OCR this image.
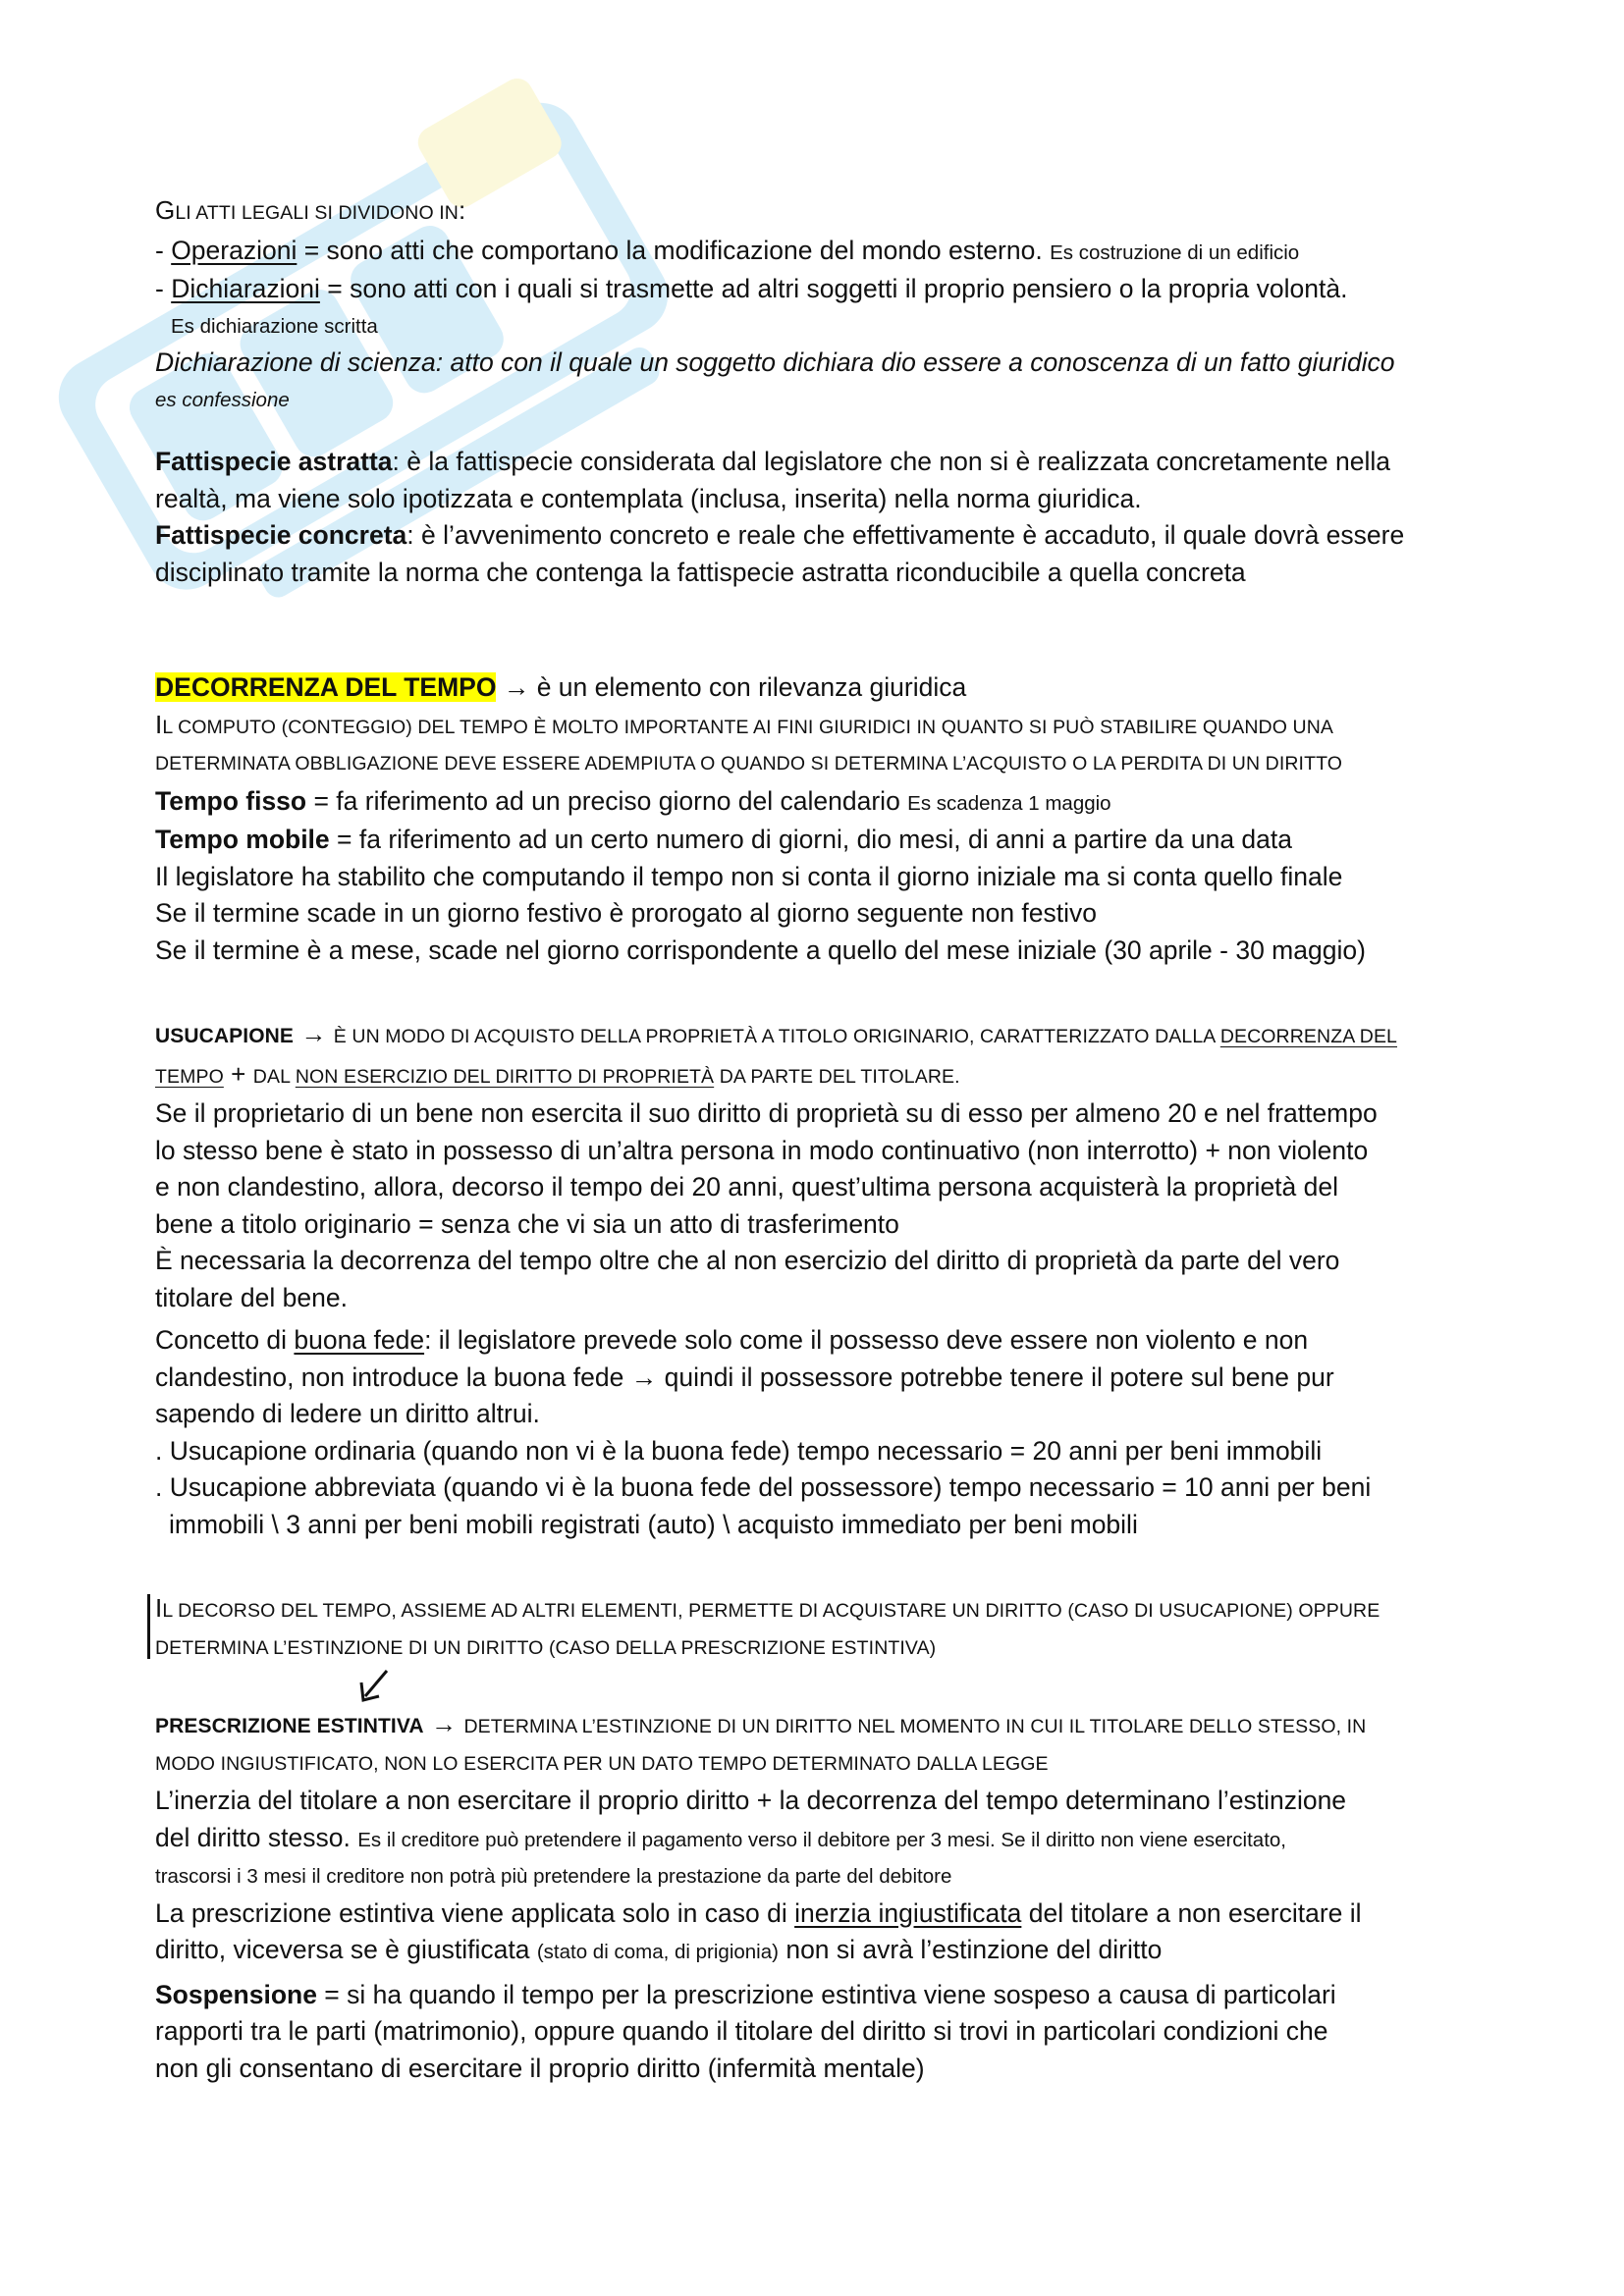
GLI ATTI LEGALI SI DIVIDONO IN:

- Operazioni = sono atti che comportano la modificazione del mondo esterno. Es costruzione di un edificio

- Dichiarazioni = sono atti con i quali si trasmette ad altri soggetti il proprio pensiero o la propria volontà.

Es dichiarazione scritta

Dichiarazione di scienza: atto con il quale un soggetto dichiara dio essere a conoscenza di un fatto giuridico

es confessione

Fattispecie astratta: è la fattispecie considerata dal legislatore che non si è realizzata concretamente nella

realtà, ma viene solo ipotizzata e contemplata (inclusa, inserita) nella norma giuridica.

Fattispecie concreta: è l’avvenimento concreto e reale che effettivamente è accaduto, il quale dovrà essere

disciplinato tramite la norma che contenga la fattispecie astratta riconducibile a quella concreta

DECORRENZA DEL TEMPO → è un elemento con rilevanza giuridica

IL COMPUTO (CONTEGGIO) DEL TEMPO È MOLTO IMPORTANTE AI FINI GIURIDICI IN QUANTO SI PUÒ STABILIRE QUANDO UNA

DETERMINATA OBBLIGAZIONE DEVE ESSERE ADEMPIUTA O QUANDO SI DETERMINA L’ACQUISTO O LA PERDITA DI UN DIRITTO

Tempo fisso = fa riferimento ad un preciso giorno del calendario Es scadenza 1 maggio

Tempo mobile = fa riferimento ad un certo numero di giorni, dio mesi, di anni a partire da una data

Il legislatore ha stabilito che computando il tempo non si conta il giorno iniziale ma si conta quello finale

Se il termine scade in un giorno festivo è prorogato al giorno seguente non festivo

Se il termine è a mese, scade nel giorno corrispondente a quello del mese iniziale (30 aprile - 30 maggio)

USUCAPIONE → È UN MODO DI ACQUISTO DELLA PROPRIETÀ A TITOLO ORIGINARIO, CARATTERIZZATO DALLA DECORRENZA DEL

TEMPO + DAL NON ESERCIZIO DEL DIRITTO DI PROPRIETÀ DA PARTE DEL TITOLARE.

Se il proprietario di un bene non esercita il suo diritto di proprietà su di esso per almeno 20 e nel frattempo

lo stesso bene è stato in possesso di un’altra persona in modo continuativo (non interrotto) + non violento

e non clandestino, allora, decorso il tempo dei 20 anni, quest’ultima persona acquisterà la proprietà del

bene a titolo originario = senza che vi sia un atto di trasferimento

È necessaria la decorrenza del tempo oltre che al non esercizio del diritto di proprietà da parte del vero

titolare del bene.

Concetto di buona fede: il legislatore prevede solo come il possesso deve essere non violento e non

clandestino, non introduce la buona fede → quindi il possessore potrebbe tenere il potere sul bene pur

sapendo di ledere un diritto altrui.

. Usucapione ordinaria (quando non vi è la buona fede) tempo necessario = 20 anni per beni immobili

. Usucapione abbreviata (quando vi è la buona fede del possessore) tempo necessario = 10 anni per beni

immobili \ 3 anni per beni mobili registrati (auto) \ acquisto immediato per beni mobili

IL DECORSO DEL TEMPO, ASSIEME AD ALTRI ELEMENTI, PERMETTE DI ACQUISTARE UN DIRITTO (CASO DI USUCAPIONE) OPPURE

DETERMINA L’ESTINZIONE DI UN DIRITTO (CASO DELLA PRESCRIZIONE ESTINTIVA)

PRESCRIZIONE ESTINTIVA → DETERMINA L’ESTINZIONE DI UN DIRITTO NEL MOMENTO IN CUI IL TITOLARE DELLO STESSO, IN

MODO INGIUSTIFICATO, NON LO ESERCITA PER UN DATO TEMPO DETERMINATO DALLA LEGGE

L’inerzia del titolare a non esercitare il proprio diritto + la decorrenza del tempo determinano l’estinzione

del diritto stesso. Es il creditore può pretendere il pagamento verso il debitore per 3 mesi. Se il diritto non viene esercitato,

trascorsi i 3 mesi il creditore non potrà più pretendere la prestazione da parte del debitore

La prescrizione estintiva viene applicata solo in caso di inerzia ingiustificata del titolare a non esercitare il

diritto, viceversa se è giustificata (stato di coma, di prigionia) non si avrà l’estinzione del diritto

Sospensione = si ha quando il tempo per la prescrizione estintiva viene sospeso a causa di particolari

rapporti tra le parti (matrimonio), oppure quando il titolare del diritto si trovi in particolari condizioni che

non gli consentano di esercitare il proprio diritto (infermità mentale)
